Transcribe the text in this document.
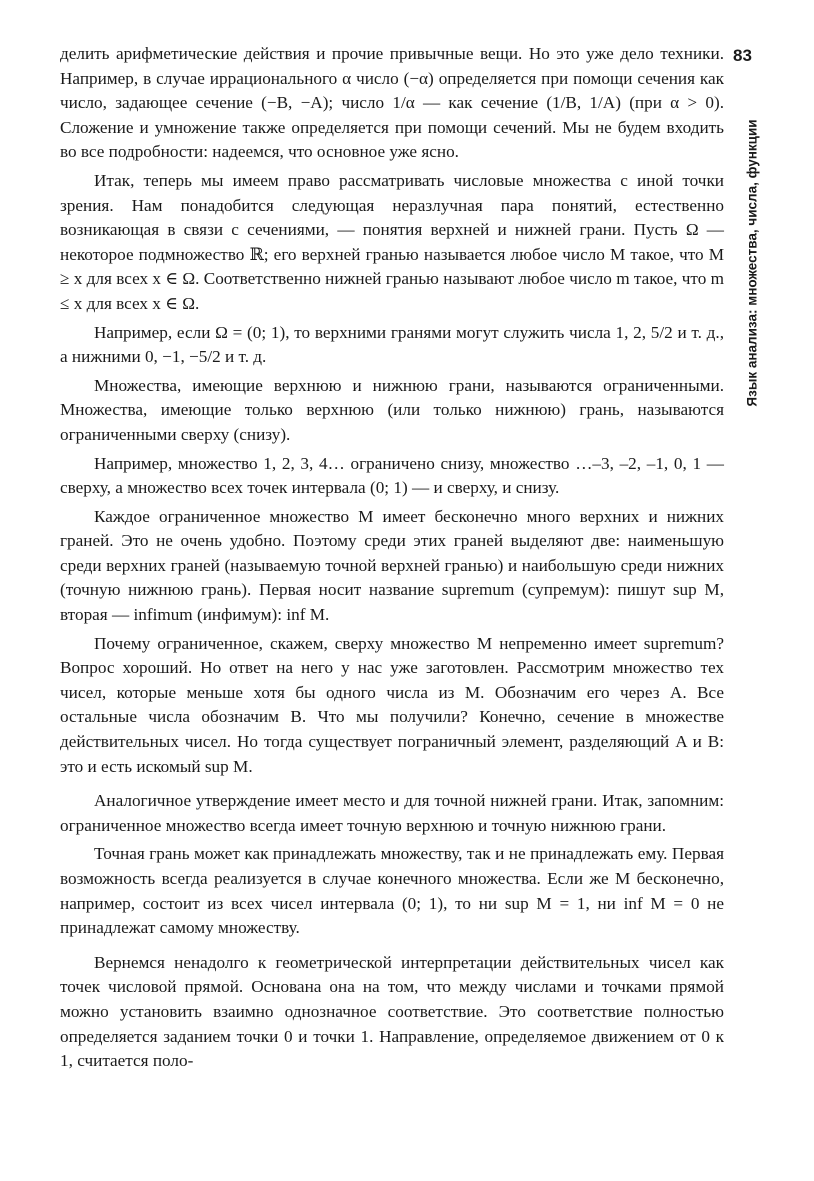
83
Язык анализа: множества, числа, функции

делить арифметические действия и прочие привычные вещи. Но это уже дело техники. Например, в случае иррационального α число (−α) определяется при помощи сечения как число, задающее сечение (−B, −A); число 1/α — как сечение (1/B, 1/A) (при α > 0). Сложение и умножение также определяется при помощи сечений. Мы не будем входить во все подробности: надеемся, что основное уже ясно.

Итак, теперь мы имеем право рассматривать числовые множества с иной точки зрения. Нам понадобится следующая неразлучная пара понятий, естественно возникающая в связи с сечениями, — понятия верхней и нижней грани. Пусть Ω — некоторое подмножество ℝ; его верхней гранью называется любое число M такое, что M ≥ x для всех x ∈ Ω. Соответственно нижней гранью называют любое число m такое, что m ≤ x для всех x ∈ Ω.

Например, если Ω = (0; 1), то верхними гранями могут служить числа 1, 2, 5/2 и т. д., а нижними 0, −1, −5/2 и т. д.

Множества, имеющие верхнюю и нижнюю грани, называются ограниченными. Множества, имеющие только верхнюю (или только нижнюю) грань, называются ограниченными сверху (снизу).

Например, множество 1, 2, 3, 4… ограничено снизу, множество …–3, –2, –1, 0, 1 — сверху, а множество всех точек интервала (0; 1) — и сверху, и снизу.

Каждое ограниченное множество M имеет бесконечно много верхних и нижних граней. Это не очень удобно. Поэтому среди этих граней выделяют две: наименьшую среди верхних граней (называемую точной верхней гранью) и наибольшую среди нижних (точную нижнюю грань). Первая носит название supremum (супремум): пишут sup M, вторая — infimum (инфимум): inf M.

Почему ограниченное, скажем, сверху множество M непременно имеет supremum? Вопрос хороший. Но ответ на него у нас уже заготовлен. Рассмотрим множество тех чисел, которые меньше хотя бы одного числа из M. Обозначим его через A. Все остальные числа обозначим B. Что мы получили? Конечно, сечение в множестве действительных чисел. Но тогда существует пограничный элемент, разделяющий A и B: это и есть искомый sup M.

Аналогичное утверждение имеет место и для точной нижней грани. Итак, запомним: ограниченное множество всегда имеет точную верхнюю и точную нижнюю грани.

Точная грань может как принадлежать множеству, так и не принадлежать ему. Первая возможность всегда реализуется в случае конечного множества. Если же M бесконечно, например, состоит из всех чисел интервала (0; 1), то ни sup M = 1, ни inf M = 0 не принадлежат самому множеству.

Вернемся ненадолго к геометрической интерпретации действительных чисел как точек числовой прямой. Основана она на том, что между числами и точками прямой можно установить взаимно однозначное соответствие. Это соответствие полностью определяется заданием точки 0 и точки 1. Направление, определяемое движением от 0 к 1, считается поло-
